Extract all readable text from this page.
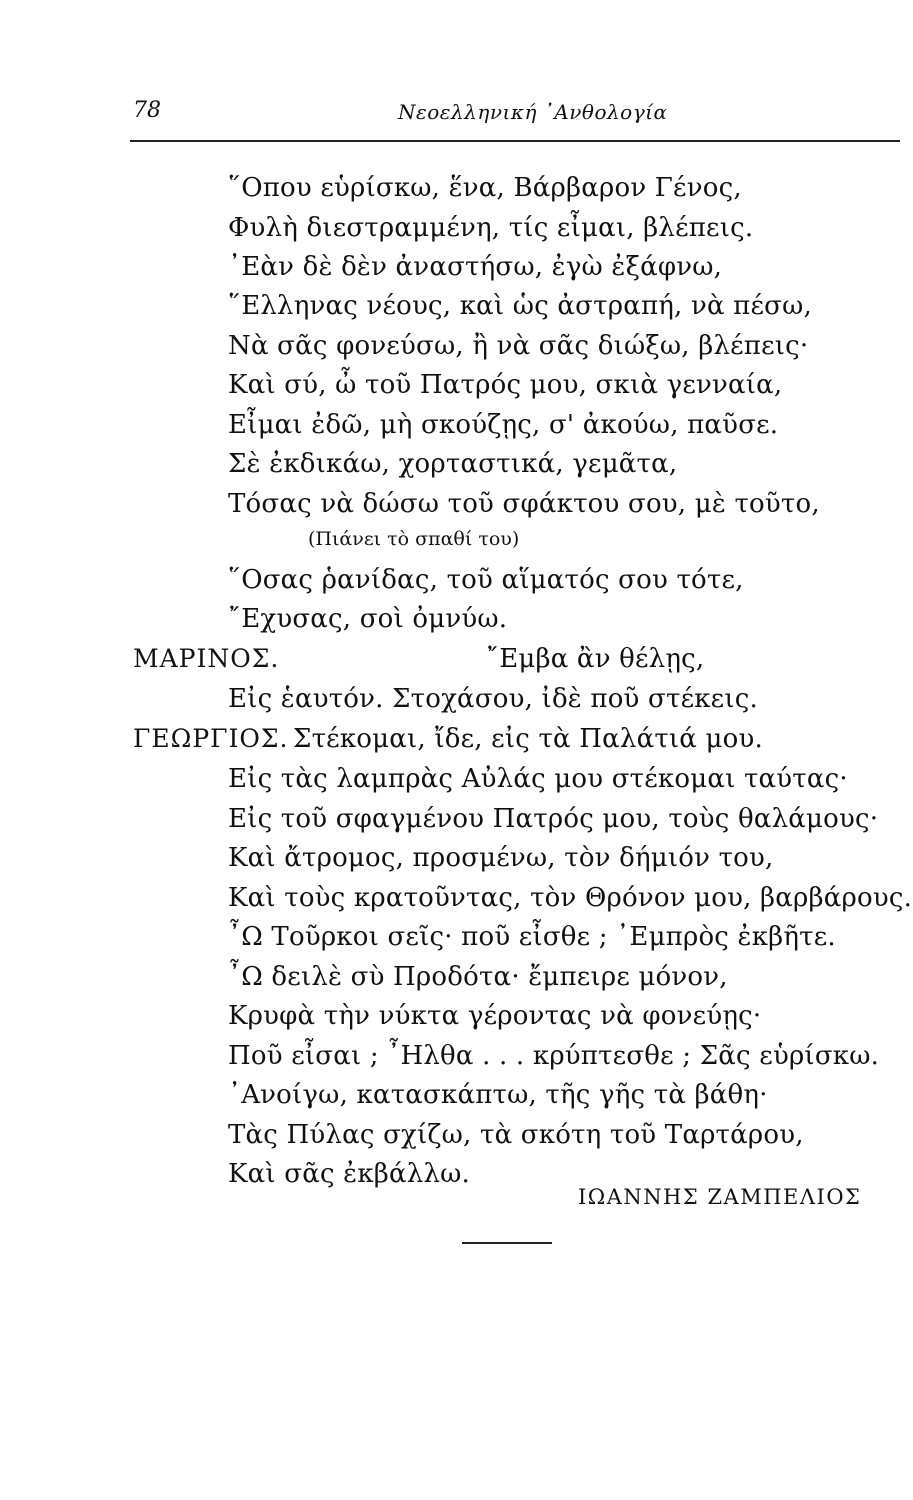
78	Νεοελληνική ᾿Ανθολογία
῞Οπου εὑρίσκω, ἕνα, Βάρβαρον Γένος,
Φυλὴ διεστραμμένη, τίς εἶμαι, βλέπεις.
᾿Εὰν δὲ δὲν ἀναστήσω, ἐγὼ ἐξάφνω,
῞Ελληνας νέους, καὶ ὡς ἀστραπή, νὰ πέσω,
Νὰ σᾶς φονεύσω, ἢ νὰ σᾶς διώξω, βλέπεις·
Καὶ σύ, ὦ τοῦ Πατρός μου, σκιὰ γενναία,
Εἶμαι ἐδῶ, μὴ σκούζῃς, σ' ἀκούω, παῦσε.
Σὲ ἐκδικάω, χορταστικά, γεμᾶτα,
Τόσας νὰ δώσω τοῦ σφάκτου σου, μὲ τοῦτο,
(Πιάνει τὸ σπαθί του)
῞Οσας ῥανίδας, τοῦ αἵματός σου τότε,
῎Εχυσας, σοὶ ὀμνύω.
ΜΑΡΙΝΟΣ.	῎Εμβα ἂν θέλῃς,
Εἰς ἑαυτόν. Στοχάσου, ἰδὲ ποῦ στέκεις.
ΓΕΩΡΓΙΟΣ. Στέκομαι, ἴδε, εἰς τὰ Παλάτιά μου.
Εἰς τὰς λαμπρὰς Αὐλάς μου στέκομαι ταύτας·
Εἰς τοῦ σφαγμένου Πατρός μου, τοὺς θαλάμους·
Καὶ ἄτρομος, προσμένω, τὸν δήμιόν του,
Καὶ τοὺς κρατοῦντας, τὸν Θρόνον μου, βαρβάρους.
῏Ω Τοῦρκοι σεῖς· ποῦ εἶσθε ; ᾿Εμπρὸς ἐκβῆτε.
῏Ω δειλὲ σὺ Προδότα· ἔμπειρε μόνον,
Κρυφὰ τὴν νύκτα γέροντας νὰ φονεύῃς·
Ποῦ εἶσαι ; ῏Ηλθα . . . κρύπτεσθε ; Σᾶς εὑρίσκω.
᾿Ανοίγω, κατασκάπτω, τῆς γῆς τὰ βάθη·
Τὰς Πύλας σχίζω, τὰ σκότη τοῦ Ταρτάρου,
Καὶ σᾶς ἐκβάλλω.
ΙΩΑΝΝΗΣ ΖΑΜΠΕΛΙΟΣ
